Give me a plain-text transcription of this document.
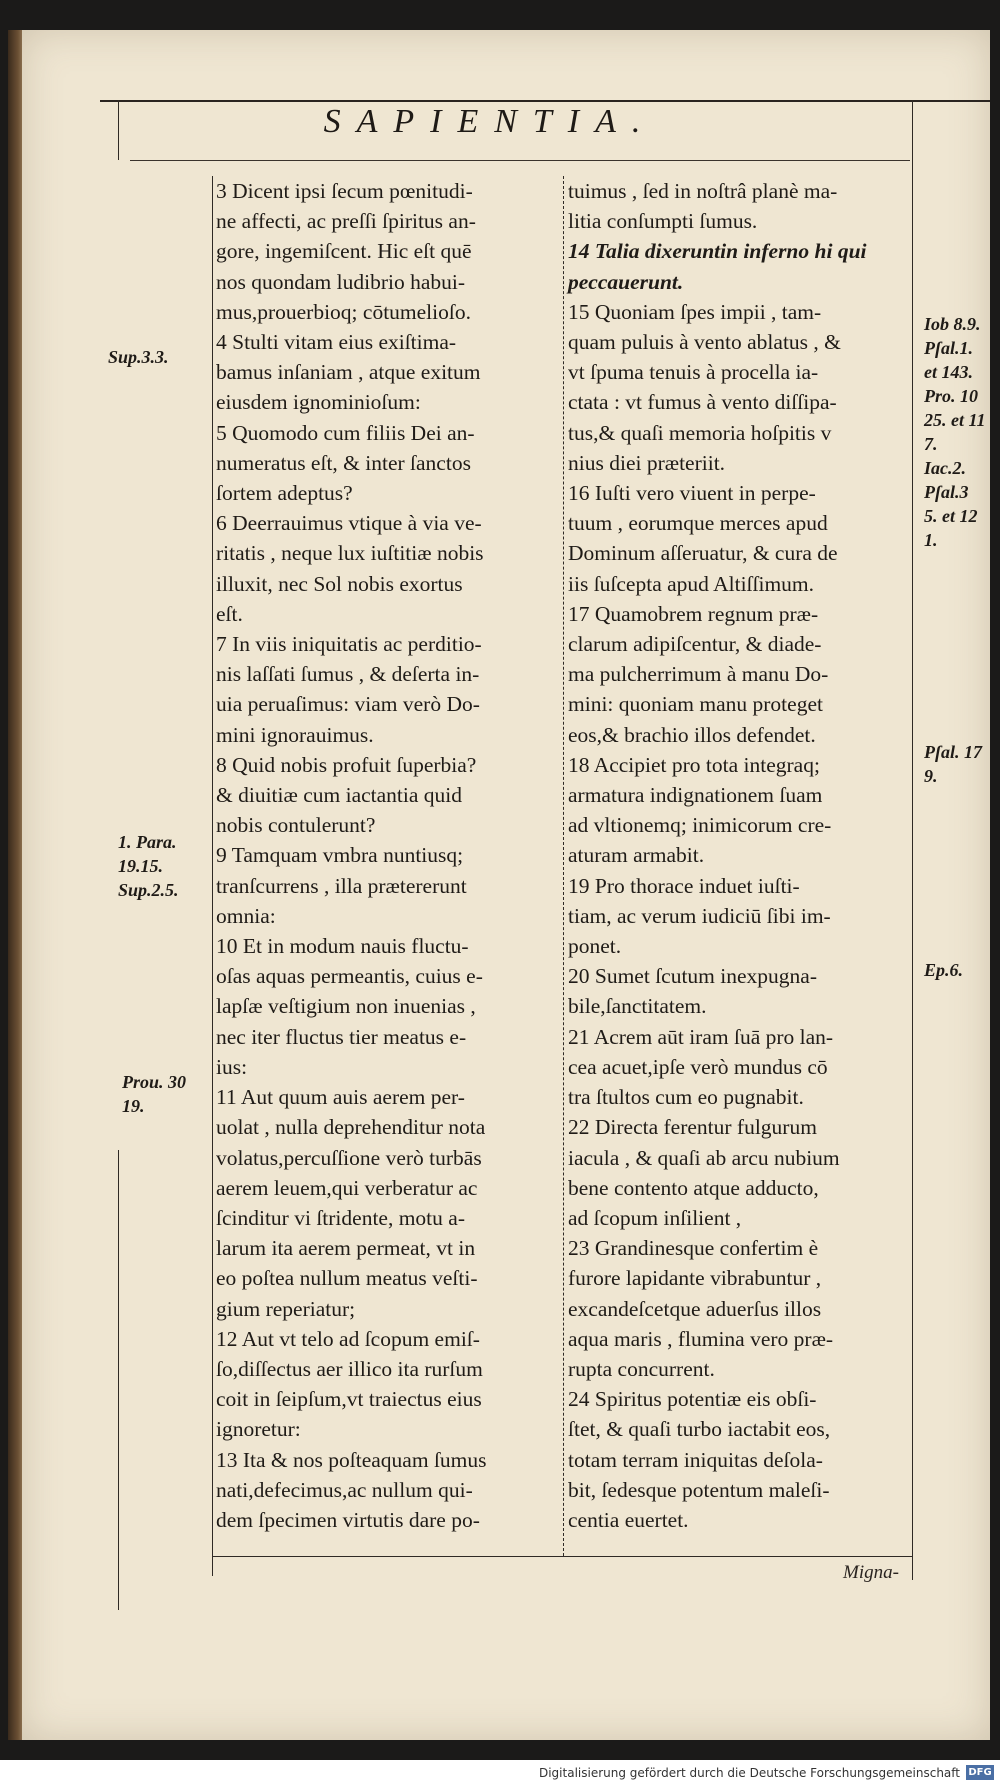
SAPIENTIA.
Sup.3.3.
1. Para.
19.15.
Sup.2.5.
Prou. 30
19.

3 Dicent ipsi ſecum pœnitudi-

ne affecti, ac preſſi ſpiritus an-

gore, ingemiſcent. Hic eſt quē

nos quondam ludibrio habui-

mus,prouerbioq; cōtumelioſo.

4 Stulti vitam eius exiſtima-

bamus inſaniam , atque exitum

eiusdem ignominioſum:

5 Quomodo cum filiis Dei an-

numeratus eſt, & inter ſanctos

ſortem adeptus?

6 Deerrauimus vtique à via ve-

ritatis , neque lux iuſtitiæ nobis

illuxit, nec Sol nobis exortus

eſt.

7 In viis iniquitatis ac perditio-

nis laſſati ſumus , & deſerta in-

uia peruaſimus: viam verò Do-

mini ignorauimus.

8 Quid nobis profuit ſuperbia?

& diuitiæ cum iactantia quid

nobis contulerunt?

9 Tamquam vmbra nuntiusq;

tranſcurrens , illa prætererunt

omnia:

10 Et in modum nauis fluctu-

oſas aquas permeantis, cuius e-

lapſæ veſtigium non inuenias ,

nec iter fluctus tier meatus e-

ius:

11 Aut quum auis aerem per-

uolat , nulla deprehenditur nota

volatus,percuſſione verò turbās

aerem leuem,qui verberatur ac

ſcinditur vi ſtridente, motu a-

larum ita aerem permeat, vt in

eo poſtea nullum meatus veſti-

gium reperiatur;

12 Aut vt telo ad ſcopum emiſ-

ſo,diſſectus aer illico ita rurſum

coit in ſeipſum,vt traiectus eius

ignoretur:

13 Ita & nos poſteaquam ſumus

nati,defecimus,ac nullum qui-

dem ſpecimen virtutis dare po-

tuimus , ſed in noſtrâ planè ma-

litia conſumpti ſumus.

14 Talia dixeruntin inferno hi qui

peccauerunt.

15 Quoniam ſpes impii , tam-

quam puluis à vento ablatus , &

vt ſpuma tenuis à procella ia-

ctata : vt fumus à vento diſſipa-

tus,& quaſi memoria hoſpitis v

nius diei præteriit.

16 Iuſti vero viuent in perpe-

tuum , eorumque merces apud

Dominum aſſeruatur, & cura de

iis ſuſcepta apud Altiſſimum.

17 Quamobrem regnum præ-

clarum adipiſcentur, & diade-

ma pulcherrimum à manu Do-

mini: quoniam manu proteget

eos,& brachio illos defendet.

18 Accipiet pro tota integraq;

armatura indignationem ſuam

ad vltionemq; inimicorum cre-

aturam armabit.

19 Pro thorace induet iuſti-

tiam, ac verum iudiciū ſibi im-

ponet.

20 Sumet ſcutum inexpugna-

bile,ſanctitatem.

21 Acrem aūt iram ſuā pro lan-

cea acuet,ipſe verò mundus cō

tra ſtultos cum eo pugnabit.

22 Directa ferentur fulgurum

iacula , & quaſi ab arcu nubium

bene contento atque adducto,

ad ſcopum inſilient ,

23 Grandinesque confertim è

furore lapidante vibrabuntur ,

excandeſcetque aduerſus illos

aqua maris , flumina vero præ-

rupta concurrent.

24 Spiritus potentiæ eis obſi-

ſtet, & quaſi turbo iactabit eos,

totam terram iniquitas deſola-

bit, ſedesque potentum maleſi-

centia euertet.

Iob 8.9.
Pſal.1.
et 143.
Pro. 10
25. et 11
7.
Iac.2.
Pſal.3
5. et 12
1.
Pſal. 17
9.
Ep.6.
Migna-
Digitalisierung gefördert durch die Deutsche Forschungsgemeinschaft DFG
